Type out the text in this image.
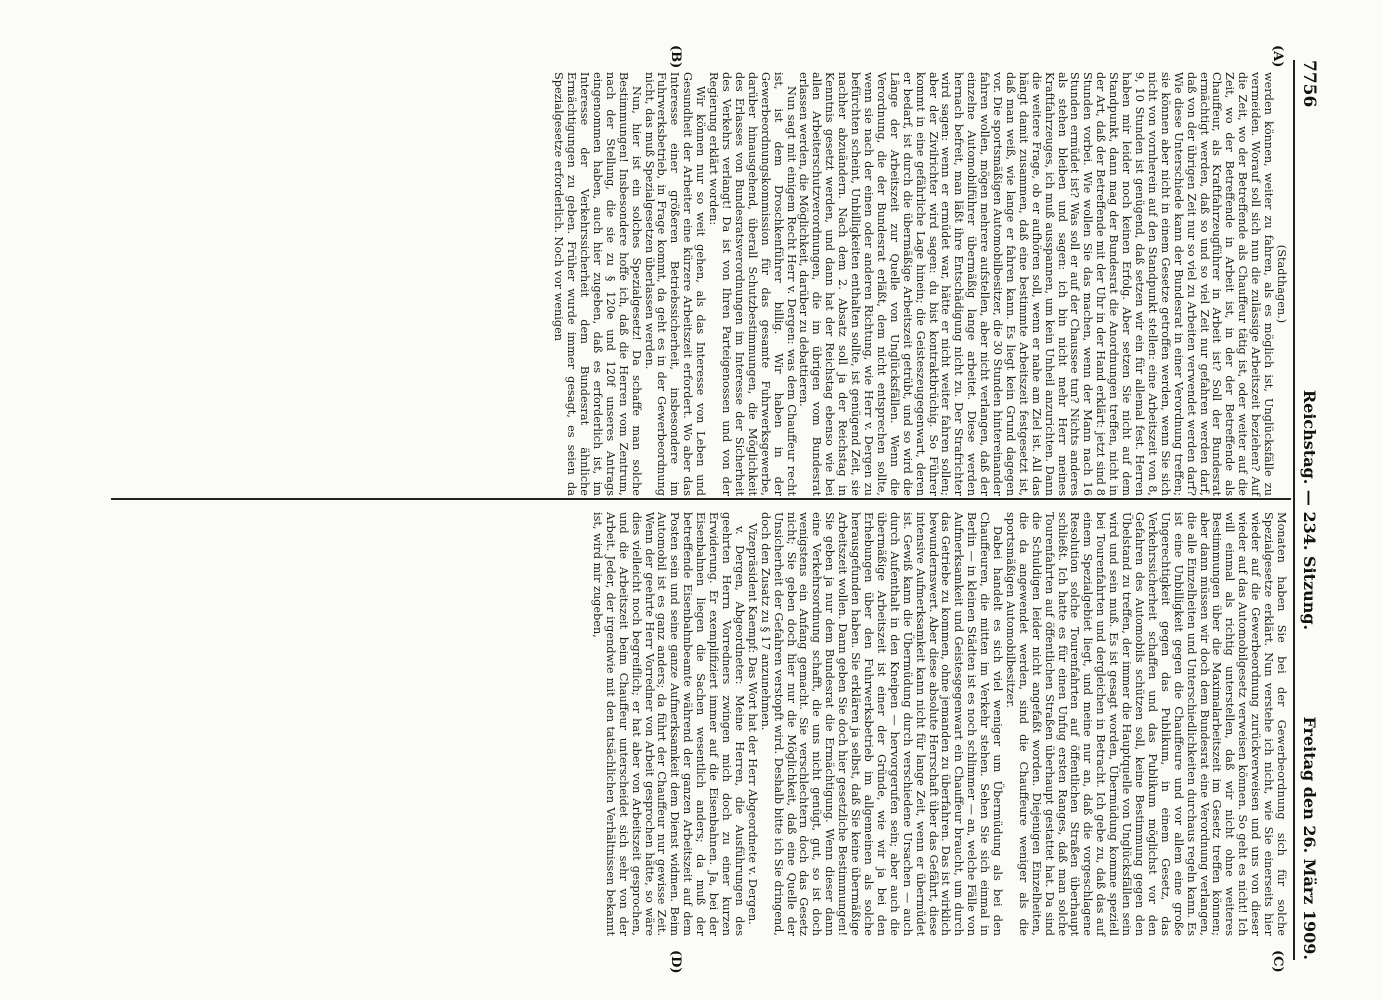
7756
Reichstag. — 234. Sitzung.
Freitag den 26. März 1909.
(A)
(B)
(C)
(D)

(Stadthagen.)

werden können, weiter zu fahren, als es möglich ist, Unglücksfälle zu vermeiden. Worauf soll sich nun die zulässige Arbeitszeit beziehen? Auf die Zeit, wo der Betreffende als Chauffeur tätig ist, oder weiter auf die Zeit, wo der Betreffende in Arbeit ist, in der der Betreffende als Chauffeur, als Kraftfahrzeugführer in Arbeit ist? Soll der Bundesrat ermächtigt werden, daß so und so viel Zeit nur gefahren werden darf, daß von der übrigen Zeit nur so viel zu Arbeiten verwendet werden darf? Wie diese Unterschiede kann der Bundesrat in einer Verordnung treffen; sie können aber nicht in einem Gesetze getroffen werden, wenn Sie sich nicht von vornherein auf den Standpunkt stellen: eine Arbeitszeit von 8, 9, 10 Stunden ist genügend, daß setzen wir ein für allemal fest. Herren haben mir leider noch keinen Erfolg. Aber setzen Sie nicht auf dem Standpunkt, dann mag der Bundesrat die Anordnungen treffen, nicht in der Art, daß der Betreffende mit der Uhr in der Hand erklärt: jetzt sind 8 Stunden vorbei. Wie wollen Sie das machen, wenn der Mann nach 16 Stunden ermüdet ist? Was soll er auf der Chaussee tun? Nichts anderes als stehen bleiben und sagen: ich bin nicht mehr Herr meines Kraftfahrzeuges, ich muß ausspannen, um kein Unheil anzurichten. Dann die weitere Frage, ob er aufhören soll, wenn er nahe am Ziel ist. All das hängt damit zusammen, daß eine bestimmte Arbeitszeit festgesetzt ist, daß man weiß, wie lange er fahren kann. Es liegt kein Grund dagegen vor. Die sportsmäßigen Automobilbesitzer, die 30 Stunden hintereinander fahren wollen, mögen mehrere aufstellen, aber nicht verlangen, daß der einzelne Automobilführer übermäßig lange arbeitet. Diese werden hernach befreit, man läßt ihre Entschädigung nicht zu. Der Strafrichter wird sagen: wenn er ermüdet war, hätte er nicht weiter fahren sollen; aber der Zivilrichter wird sagen: du bist kontraktbrüchig. So Führer kommt in eine gefährliche Lage hinein; die Geisteszeugegenwart, deren er bedarf, ist durch die übermäßige Arbeitszeit getrübt, und so wird die Länge der Arbeitszeit zur Quelle von Unglücksfällen. Wenn die Verordnung, die der Bundesrat erläßt, dem nicht entsprechen sollte, wenn sie nach der einen oder anderen Richtung, wie Herr v. Dergen zu befürchten scheint, Unbilligkeiten enthalten sollte, ist genügend Zeit, sie nachher abzuändern. Nach dem 2. Absatz soll ja der Reichstag in Kenntnis gesetzt werden, und dann hat der Reichstag ebenso wie bei allen Arbeiterschutzverordnungen, die im übrigen vom Bundesrat erlassen werden, die Möglichkeit, darüber zu debattieren.

Nun sagt mit einigem Recht Herr v. Dergen: was dem Chauffeur recht ist, ist dem Droschkenführer billig. Wir haben in der Gewerbeordnungskommission für das gesamte Fuhrwerksgewerbe, darüber hinausgehend, überall Schutzbestimmungen, die Möglichkeit des Erlasses von Bundesratsverordnungen im Interesse der Sicherheit des Verkehrs verlangt! Da ist von Ihren Parteigenossen und von der Regierung erklärt worden:

Wir können nur so weit gehen, als das Interesse von Leben und Gesundheit der Arbeiter eine kürzere Arbeitszeit erfordert. Wo aber das Interesse einer größeren Betriebssicherheit, insbesondere im Fuhrwerksbetrieb, in Frage kommt, da geht es in der Gewerbeordnung nicht, das muß Spezialgesetzen überlassen werden.

Nun, hier ist ein solches Spezialgesetz! Da schaffe man solche Bestimmungen! Insbesondere hoffe ich, daß die Herren vom Zentrum, nach der Stellung, die sie zu § 120e und 120f unseres Antrags eingenommen haben, auch hier zugeben, daß es erforderlich ist, im Interesse der Verkehrssicherheit dem Bundesrat ähnliche Ermächtigungen zu geben. Früher wurde immer gesagt, es seien da Spezialgesetze erforderlich. Noch vor wenigen

Monaten haben Sie bei der Gewerbeordnung sich für solche Spezialgesetze erklärt. Nun verstehe ich nicht, wie Sie einerseits hier wieder auf die Gewerbeordnung zurückverweisen und uns von dieser wieder auf das Automobilgesetz verweisen können. So geht es nicht! Ich will einmal als richtig unterstellen, daß wir nicht ohne weiteres Bestimmungen über die Maximalarbeitszeit im Gesetz treffen können; aber dann müssen wir doch dem Bundesrat eine Verordnung verlangen, die alle Einzelheiten und Unterschiedlichkeiten durchaus regeln kann. Es ist eine Unbilligkeit gegen die Chauffeure und vor allem eine große Ungerechtigkeit gegen das Publikum, in einem Gesetz, das Verkehrssicherheit schaffen und das Publikum möglichst vor den Gefahren des Automobils schützen soll, keine Bestimmung gegen den Übelstand zu treffen, der immer die Hauptquelle von Unglücksfällen sein wird und sein muß. Es ist gesagt worden, Übermüdung komme speziell bei Tourenfahrten und dergleichen in Betracht. Ich gebe zu, daß das auf einem Spezialgebiet liegt, und meine nur an, daß die vorgeschlagene Resolution solche Tourenfahrten auf öffentlichen Straßen überhaupt schließt. Ich hatte es für einen Unfug ersten Ranges, daß man solche Tourenfahrten auf öffentlichen Straßen überhaupt gestattet hat. Da sind die Schuldigen leider nicht angefaßt worden. Diejenigen Einzelheiten, die da angewendet werden, sind die Chauffeure weniger als die sportsmäßigen Automobilbesitzer.

Dabei handelt es sich viel weniger um Übermüdung als bei den Chauffeuren, die mitten im Verkehr stehen. Sehen Sie sich einmal in Berlin — in kleinen Städten ist es noch schlimmer — an, welche Fälle von Aufmerksamkeit und Geistesgegenwart ein Chauffeur braucht, um durch das Getriebe zu kommen, ohne jemanden zu überfahren. Das ist wirklich bewundernswert. Aber diese absolute Herrschaft über das Gefährt, diese intensive Aufmerksamkeit kann nicht für lange Zeit, wenn er übermüdet ist. Gewiß kann die Übermüdung durch verschiedene Ursachen — auch durch Aufenthalt in den Kneipen — hervorgerufen sein; aber auch die übermäßige Arbeitszeit ist einer der Gründe, wie wir ja bei den Erhebungen über den Fuhrwerksbetrieb im allgemeinen als solche herausgefunden haben. Sie erklären ja selbst, daß Sie keine übermäßige Arbeitszeit wollen. Dann geben Sie doch hier gesetzliche Bestimmungen! Sie geben ja nur dem Bundesrat die Ermächtigung. Wenn dieser dann eine Verkehrsordnung schafft, die uns nicht genügt, gut, so ist doch wenigstens ein Anfang gemacht. Sie verschlechtern doch das Gesetz nicht; Sie geben doch hier nur die Möglichkeit, daß eine Quelle der Unsicherheit der Gefahren verstopft wird. Deshalb bitte ich Sie dringend, doch den Zusatz zu § 17 anzunehmen.

Vizepräsident Kaempf: Das Wort hat der Herr Abgeordnete v. Dergen.

v. Dergen, Abgeordneter: Meine Herren, die Ausführungen des geehrten Herrn Vorredners zwingen mich doch zu einer kurzen Erwiderung. Er exemplifiziert immer auf die Eisenbahnen. Ja, bei der Eisenbahnen liegen die Sachen wesentlich anders; da muß der betreffende Eisenbahnbeamte während der ganzen Arbeitszeit auf dem Posten sein und seine ganze Aufmerksamkeit dem Dienst widmen. Beim Automobil ist es ganz anders; da führt der Chauffeur nur gewisse Zeit. Wenn der geehrte Herr Vorredner von Arbeit gesprochen hätte, so wäre dies vielleicht noch begreiflich; er hat aber von Arbeitszeit gesprochen, und die Arbeitszeit beim Chauffeur unterscheidet sich sehr von der Arbeit. Jeder, der irgendwie mit den tatsächlichen Verhältnissen bekannt ist, wird mir zugeben,
